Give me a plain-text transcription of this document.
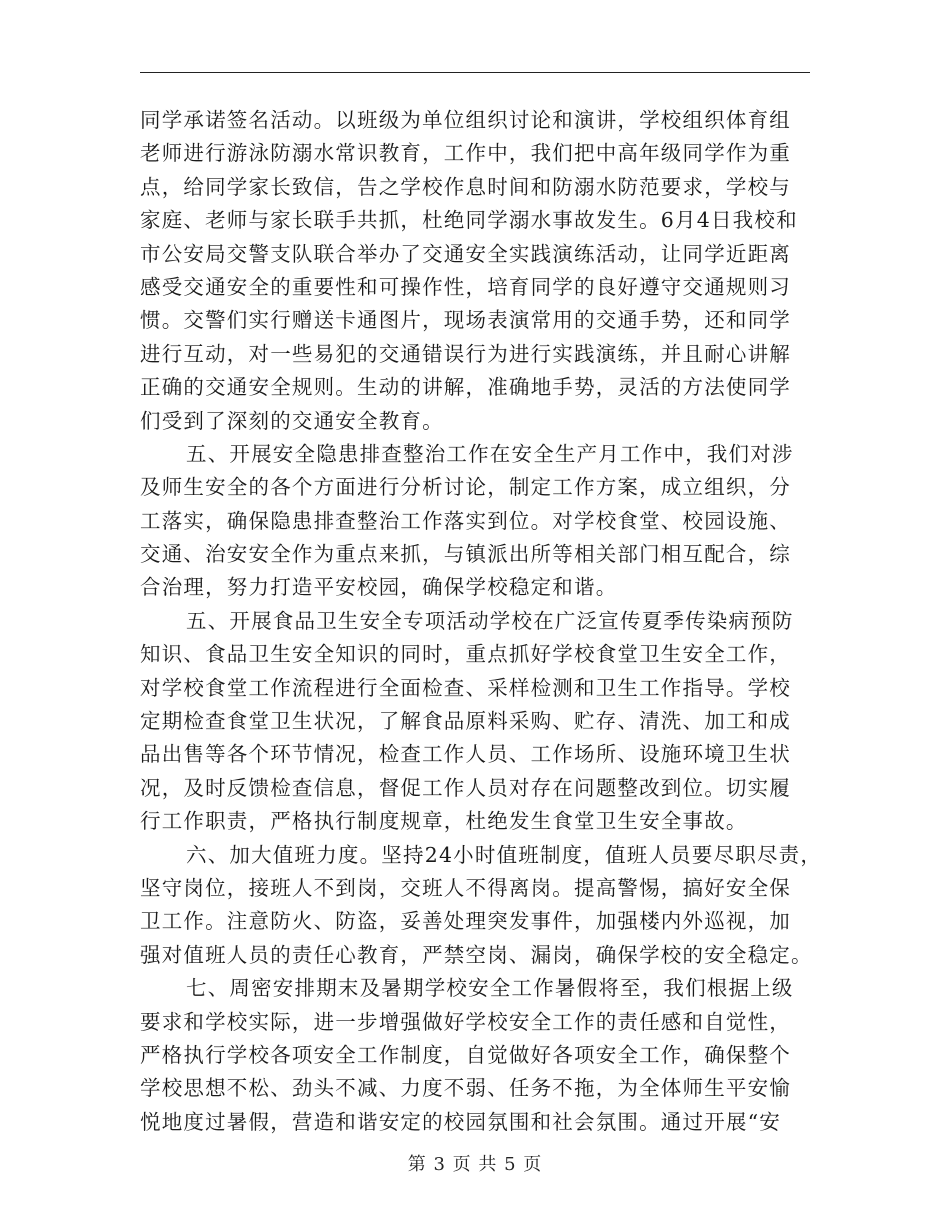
同学承诺签名活动。以班级为单位组织讨论和演讲，学校组织体育组
老师进行游泳防溺水常识教育，工作中，我们把中高年级同学作为重
点，给同学家长致信，告之学校作息时间和防溺水防范要求，学校与
家庭、老师与家长联手共抓，杜绝同学溺水事故发生。6月4日我校和
市公安局交警支队联合举办了交通安全实践演练活动，让同学近距离
感受交通安全的重要性和可操作性，培育同学的良好遵守交通规则习
惯。交警们实行赠送卡通图片，现场表演常用的交通手势，还和同学
进行互动，对一些易犯的交通错误行为进行实践演练，并且耐心讲解
正确的交通安全规则。生动的讲解，准确地手势，灵活的方法使同学
们受到了深刻的交通安全教育。
五、开展安全隐患排查整治工作在安全生产月工作中，我们对涉
及师生安全的各个方面进行分析讨论，制定工作方案，成立组织，分
工落实，确保隐患排查整治工作落实到位。对学校食堂、校园设施、
交通、治安安全作为重点来抓，与镇派出所等相关部门相互配合，综
合治理，努力打造平安校园，确保学校稳定和谐。
五、开展食品卫生安全专项活动学校在广泛宣传夏季传染病预防
知识、食品卫生安全知识的同时，重点抓好学校食堂卫生安全工作，
对学校食堂工作流程进行全面检查、采样检测和卫生工作指导。学校
定期检查食堂卫生状况，了解食品原料采购、贮存、清洗、加工和成
品出售等各个环节情况，检查工作人员、工作场所、设施环境卫生状
况，及时反馈检查信息，督促工作人员对存在问题整改到位。切实履
行工作职责，严格执行制度规章，杜绝发生食堂卫生安全事故。
六、加大值班力度。坚持24小时值班制度，值班人员要尽职尽责，
坚守岗位，接班人不到岗，交班人不得离岗。提高警惕，搞好安全保
卫工作。注意防火、防盗，妥善处理突发事件，加强楼内外巡视，加
强对值班人员的责任心教育，严禁空岗、漏岗，确保学校的安全稳定。
七、周密安排期末及暑期学校安全工作暑假将至，我们根据上级
要求和学校实际，进一步增强做好学校安全工作的责任感和自觉性，
严格执行学校各项安全工作制度，自觉做好各项安全工作，确保整个
学校思想不松、劲头不减、力度不弱、任务不拖，为全体师生平安愉
悦地度过暑假，营造和谐安定的校园氛围和社会氛围。通过开展“安
第 3 页 共 5 页
